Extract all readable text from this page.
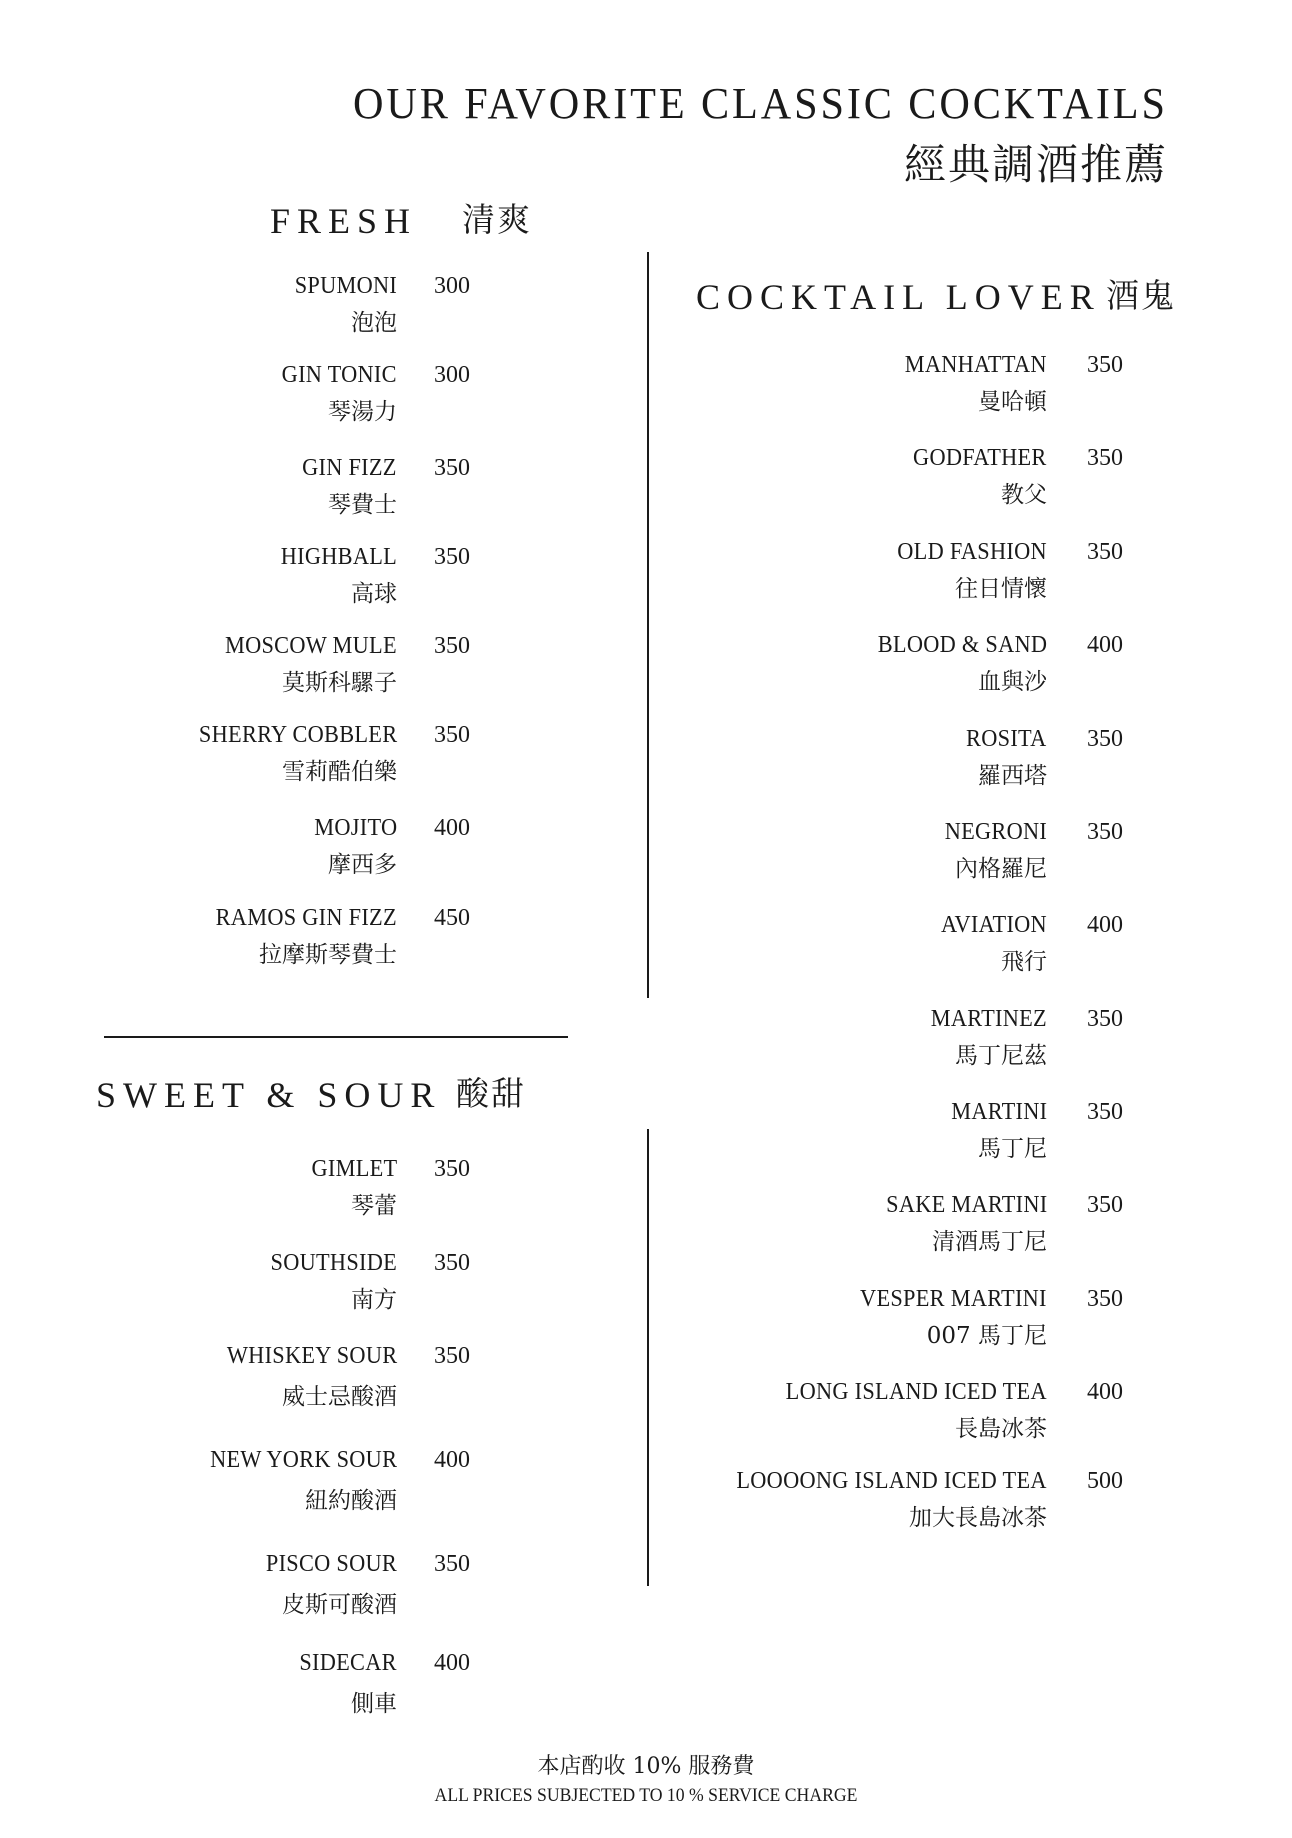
OUR FAVORITE CLASSIC COCKTAILS
經典調酒推薦
FRESH 清爽
SPUMONI
泡泡
300
GIN TONIC
琴湯力
300
GIN FIZZ
琴費士
350
HIGHBALL
高球
350
MOSCOW MULE
莫斯科騾子
350
SHERRY COBBLER
雪莉酷伯樂
350
MOJITO
摩西多
400
RAMOS GIN FIZZ
拉摩斯琴費士
450
SWEET & SOUR 酸甜
GIMLET
琴蕾
350
SOUTHSIDE
南方
350
WHISKEY SOUR
威士忌酸酒
350
NEW YORK SOUR
紐約酸酒
400
PISCO SOUR
皮斯可酸酒
350
SIDECAR
側車
400
COCKTAIL LOVER 酒鬼
MANHATTAN
曼哈頓
350
GODFATHER
教父
350
OLD FASHION
往日情懷
350
BLOOD & SAND
血與沙
400
ROSITA
羅西塔
350
NEGRONI
內格羅尼
350
AVIATION
飛行
400
MARTINEZ
馬丁尼茲
350
MARTINI
馬丁尼
350
SAKE MARTINI
清酒馬丁尼
350
VESPER MARTINI
007 馬丁尼
350
LONG ISLAND ICED TEA
長島冰茶
400
LOOOONG ISLAND ICED TEA
加大長島冰茶
500
本店酌收 10% 服務費
ALL PRICES SUBJECTED TO 10 % SERVICE CHARGE
